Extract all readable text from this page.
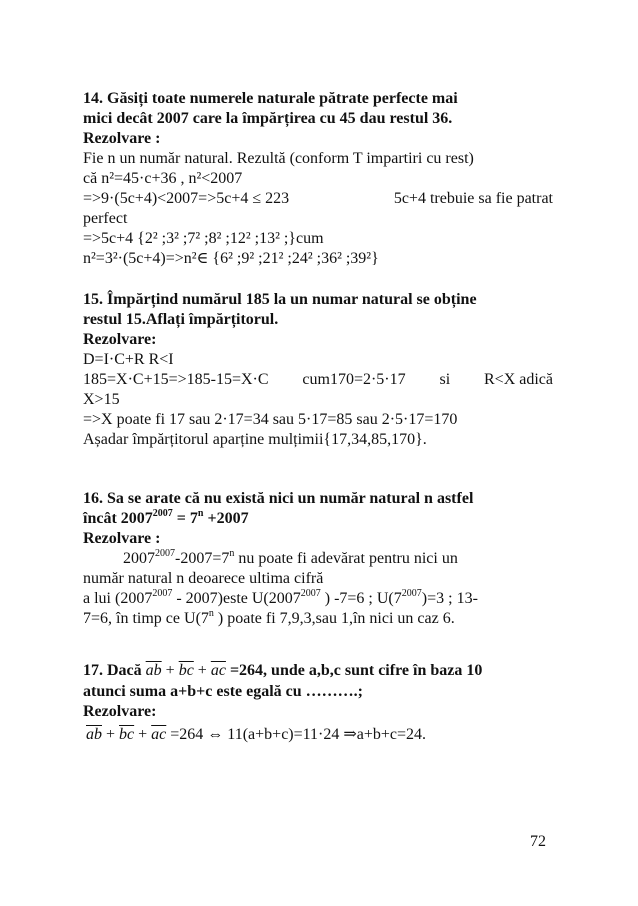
14. Găsiți toate numerele naturale pătrate perfecte mai
mici decât 2007 care la împărțirea cu 45 dau restul 36.
Rezolvare :
Fie n un număr natural. Rezultă (conform T impartiri cu rest)
că n²=45·c+36 , n²<2007
=>9·(5c+4)<2007=>5c+4 ≤ 223	5c+4 trebuie sa fie patrat
perfect
=>5c+4 {2² ;3² ;7² ;8² ;12² ;13² ;}cum
n²=3²·(5c+4)=>n²∈ {6² ;9² ;21² ;24² ;36² ;39²}
15. Împărțind numărul 185 la un numar natural se obține
restul 15.Aflați împărțitorul.
Rezolvare:
D=I·C+R R<I
185=X·C+15=>185-15=X·C cum170=2·5·17 si R<X adică
X>15
=>X poate fi 17 sau 2·17=34 sau 5·17=85 sau 2·5·17=170
Așadar împărțitorul aparține mulțimii{17,34,85,170}.
16. Sa se arate că nu există nici un număr natural n astfel
încât $2007^{2007} = 7^n +2007$
Rezolvare :
$2007^{2007}-2007=7^n$ nu poate fi adevărat pentru nici un
număr natural n deoarece ultima cifră
a lui ($2007^{2007}$ - 2007)este $U(2007^{2007}$ ) -7=6 ; $U(7^{2007})=3$ ; 13-
7=6, în timp ce U(7$^n$ ) poate fi 7,9,3,sau 1,în nici un caz 6.
17. Dacă $\overline{ab} + \overline{bc} + \overline{ac} =264$, unde a,b,c sunt cifre în baza 10
atunci suma a+b+c este egală cu ……….;
Rezolvare:
$\overline{ab} + \overline{bc} + \overline{ac} =264$ ⇔ 11(a+b+c)=11·24 ⇒a+b+c=24.
72
